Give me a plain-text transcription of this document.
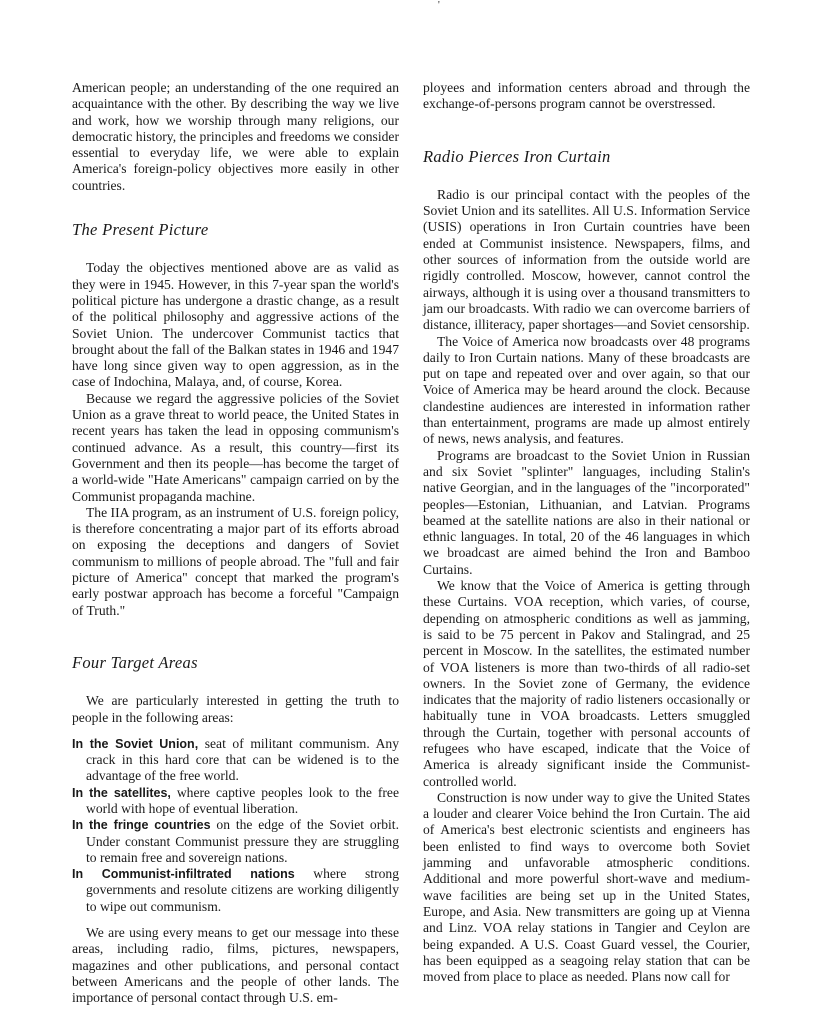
'

American people; an understanding of the one required an acquaintance with the other. By describing the way we live and work, how we worship through many religions, our democratic history, the principles and freedoms we consider essential to everyday life, we were able to explain America's foreign-policy objectives more easily in other countries.

The Present Picture

Today the objectives mentioned above are as valid as they were in 1945. However, in this 7-year span the world's political picture has undergone a drastic change, as a result of the political philosophy and aggressive actions of the Soviet Union. The undercover Communist tactics that brought about the fall of the Balkan states in 1946 and 1947 have long since given way to open aggression, as in the case of Indochina, Malaya, and, of course, Korea.

Because we regard the aggressive policies of the Soviet Union as a grave threat to world peace, the United States in recent years has taken the lead in opposing communism's continued advance. As a result, this country—first its Government and then its people—has become the target of a world-wide "Hate Americans" campaign carried on by the Communist propaganda machine.

The IIA program, as an instrument of U.S. foreign policy, is therefore concentrating a major part of its efforts abroad on exposing the deceptions and dangers of Soviet communism to millions of people abroad. The "full and fair picture of America" concept that marked the program's early postwar approach has become a forceful "Campaign of Truth."

Four Target Areas

We are particularly interested in getting the truth to people in the following areas:

In the Soviet Union, seat of militant communism. Any crack in this hard core that can be widened is to the advantage of the free world.

In the satellites, where captive peoples look to the free world with hope of eventual liberation.

In the fringe countries on the edge of the Soviet orbit. Under constant Communist pressure they are struggling to remain free and sovereign nations.

In Communist-infiltrated nations where strong governments and resolute citizens are working diligently to wipe out communism.

We are using every means to get our message into these areas, including radio, films, pictures, newspapers, magazines and other publications, and personal contact between Americans and the people of other lands. The importance of personal contact through U.S. em-

ployees and information centers abroad and through the exchange-of-persons program cannot be overstressed.

Radio Pierces Iron Curtain

Radio is our principal contact with the peoples of the Soviet Union and its satellites. All U.S. Information Service (USIS) operations in Iron Curtain countries have been ended at Communist insistence. Newspapers, films, and other sources of information from the outside world are rigidly controlled. Moscow, however, cannot control the airways, although it is using over a thousand transmitters to jam our broadcasts. With radio we can overcome barriers of distance, illiteracy, paper shortages—and Soviet censorship.

The Voice of America now broadcasts over 48 programs daily to Iron Curtain nations. Many of these broadcasts are put on tape and repeated over and over again, so that our Voice of America may be heard around the clock. Because clandestine audiences are interested in information rather than entertainment, programs are made up almost entirely of news, news analysis, and features.

Programs are broadcast to the Soviet Union in Russian and six Soviet "splinter" languages, including Stalin's native Georgian, and in the languages of the "incorporated" peoples—Estonian, Lithuanian, and Latvian. Programs beamed at the satellite nations are also in their national or ethnic languages. In total, 20 of the 46 languages in which we broadcast are aimed behind the Iron and Bamboo Curtains.

We know that the Voice of America is getting through these Curtains. VOA reception, which varies, of course, depending on atmospheric conditions as well as jamming, is said to be 75 percent in Pakov and Stalingrad, and 25 percent in Moscow. In the satellites, the estimated number of VOA listeners is more than two-thirds of all radio-set owners. In the Soviet zone of Germany, the evidence indicates that the majority of radio listeners occasionally or habitually tune in VOA broadcasts. Letters smuggled through the Curtain, together with personal accounts of refugees who have escaped, indicate that the Voice of America is already significant inside the Communist-controlled world.

Construction is now under way to give the United States a louder and clearer Voice behind the Iron Curtain. The aid of America's best electronic scientists and engineers has been enlisted to find ways to overcome both Soviet jamming and unfavorable atmospheric conditions. Additional and more powerful short-wave and medium-wave facilities are being set up in the United States, Europe, and Asia. New transmitters are going up at Vienna and Linz. VOA relay stations in Tangier and Ceylon are being expanded. A U.S. Coast Guard vessel, the Courier, has been equipped as a seagoing relay station that can be moved from place to place as needed. Plans now call for
